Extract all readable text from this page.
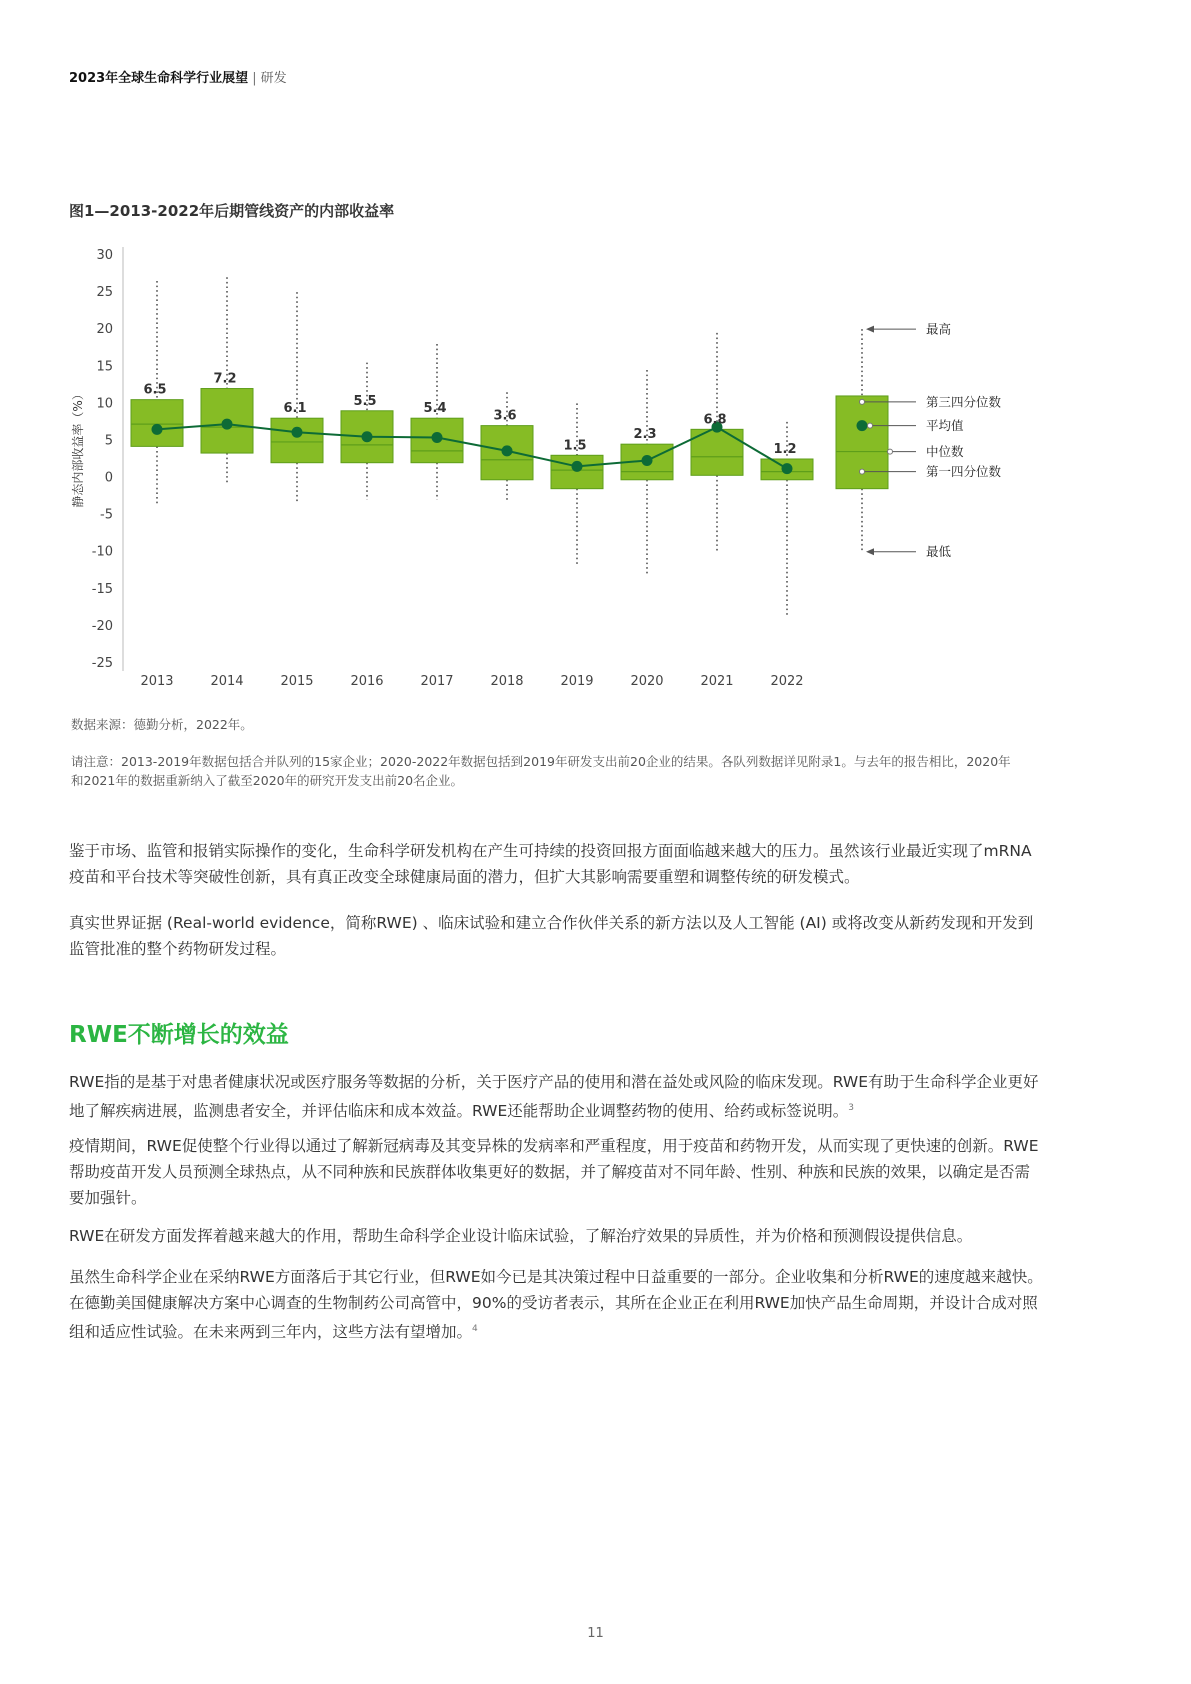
2023年全球生命科学行业展望 | 研发
图1—2013-2022年后期管线资产的内部收益率
30
25
20
15
10
5
0
-5
-10
-15
-20
-25
静态内部收益率（%）
2013	2014	2015	2016	2017	2018	2019	2020	2021	2022
6.5
7.2
6.1	5.5	5.4	3.6
1.5
2.3
6.8
1.2
最高
第三四分位数
平均值
中位数
第一四分位数
最低
数据来源：德勤分析，2022年。
请注意：2013-2019年数据包括合并队列的15家企业；2020-2022年数据包括到2019年研发支出前20企业的结果。各队列数据详见附录1。与去年的报告相比，2020年和2021年的数据重新纳入了截至2020年的研究开发支出前20名企业。

鉴于市场、监管和报销实际操作的变化，生命科学研发机构在产生可持续的投资回报方面面临越来越大的压力。虽然该行业最近实现了mRNA疫苗和平台技术等突破性创新，具有真正改变全球健康局面的潜力，但扩大其影响需要重塑和调整传统的研发模式。

真实世界证据 (Real-world evidence，简称RWE) 、临床试验和建立合作伙伴关系的新方法以及人工智能 (AI) 或将改变从新药发现和开发到监管批准的整个药物研发过程。

RWE不断增长的效益

RWE指的是基于对患者健康状况或医疗服务等数据的分析，关于医疗产品的使用和潜在益处或风险的临床发现。RWE有助于生命科学企业更好地了解疾病进展，监测患者安全，并评估临床和成本效益。RWE还能帮助企业调整药物的使用、给药或标签说明。$^3$

疫情期间，RWE促使整个行业得以通过了解新冠病毒及其变异株的发病率和严重程度，用于疫苗和药物开发，从而实现了更快速的创新。RWE帮助疫苗开发人员预测全球热点，从不同种族和民族群体收集更好的数据，并了解疫苗对不同年龄、性别、种族和民族的效果，以确定是否需要加强针。

RWE在研发方面发挥着越来越大的作用，帮助生命科学企业设计临床试验，了解治疗效果的异质性，并为价格和预测假设提供信息。

虽然生命科学企业在采纳RWE方面落后于其它行业，但RWE如今已是其决策过程中日益重要的一部分。企业收集和分析RWE的速度越来越快。在德勤美国健康解决方案中心调查的生物制药公司高管中，90%的受访者表示，其所在企业正在利用RWE加快产品生命周期，并设计合成对照组和适应性试验。在未来两到三年内，这些方法有望增加。$^4$

11
